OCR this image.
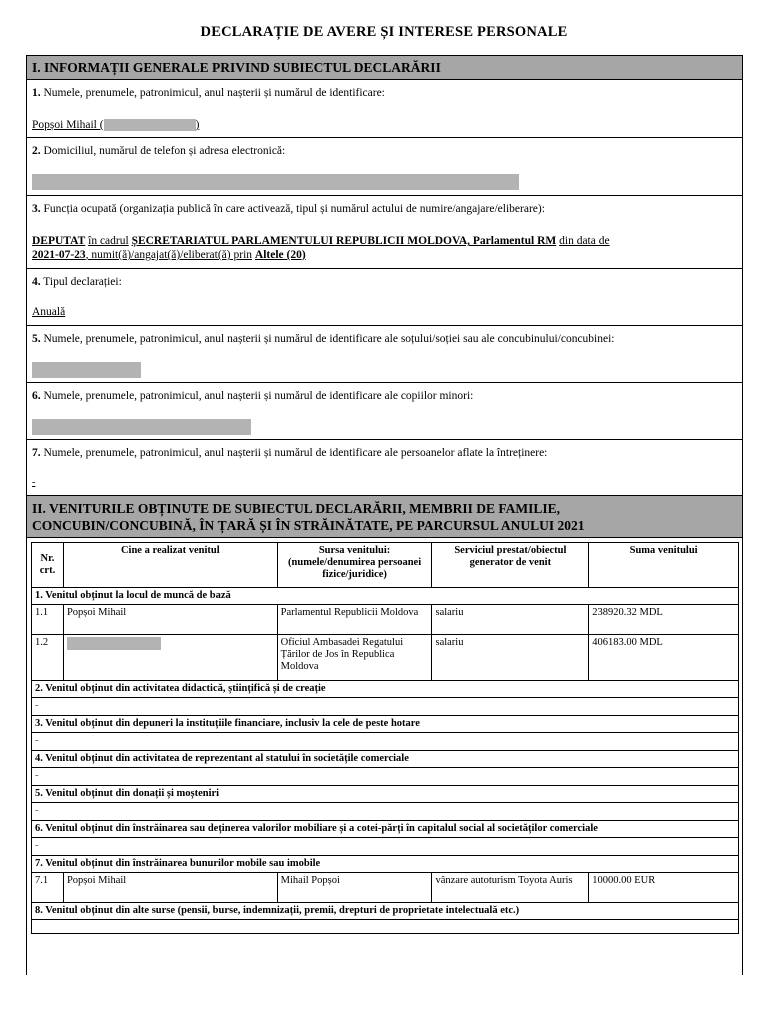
DECLARAȚIE DE AVERE ȘI INTERESE PERSONALE
I. INFORMAȚII GENERALE PRIVIND SUBIECTUL DECLARĂRII
1. Numele, prenumele, patronimicul, anul nașterii și numărul de identificare:
Popșoi Mihail (	)
2. Domiciliul, numărul de telefon și adresa electronică:
3. Funcția ocupată (organizația publică în care activează, tipul și numărul actului de numire/angajare/eliberare):
DEPUTAT în cadrul ȘECRETARIATUL PARLAMENTULUI REPUBLICII MOLDOVA, Parlamentul RM din data de
2021-07-23, numit(ă)/angajat(ă)/eliberat(ă) prin Altele (20)
4. Tipul declarației:
Anuală
5. Numele, prenumele, patronimicul, anul nașterii și numărul de identificare ale soțului/soției sau ale concubinului/concubinei:
6. Numele, prenumele, patronimicul, anul nașterii și numărul de identificare ale copiilor minori:
7. Numele, prenumele, patronimicul, anul nașterii și numărul de identificare ale persoanelor aflate la întreținere:
-
II. VENITURILE OBȚINUTE DE SUBIECTUL DECLARĂRII, MEMBRII DE FAMILIE,
CONCUBIN/CONCUBINĂ, ÎN ȚARĂ ȘI ÎN STRĂINĂTATE, PE PARCURSUL ANULUI 2021
Nr. crt.	Cine a realizat venitul	Sursa venitului: (numele/denumirea persoanei fizice/juridice)	Serviciul prestat/obiectul generator de venit	Suma venitului
1. Venitul obținut la locul de muncă de bază				
1.1	Popșoi Mihail	Parlamentul Republicii Moldova	salariu	238920.32 MDL
1.2		Oficiul Ambasadei Regatului Țărilor de Jos în Republica Moldova	salariu	406183.00 MDL
2. Venitul obținut din activitatea didactică, științifică și de creație				
-				
3. Venitul obținut din depuneri la instituțiile financiare, inclusiv la cele de peste hotare				
-				
4. Venitul obținut din activitatea de reprezentant al statului în societățile comerciale				
-				
5. Venitul obținut din donații și moșteniri				
-				
6. Venitul obținut din înstrăinarea sau deținerea valorilor mobiliare și a cotei-părți în capitalul social al societăților comerciale				
-				
7. Venitul obținut din înstrăinarea bunurilor mobile sau imobile				
7.1	Popșoi Mihail	Mihail Popșoi	vânzare autoturism Toyota Auris	10000.00 EUR
8. Venitul obținut din alte surse (pensii, burse, indemnizații, premii, drepturi de proprietate intelectuală etc.)				
